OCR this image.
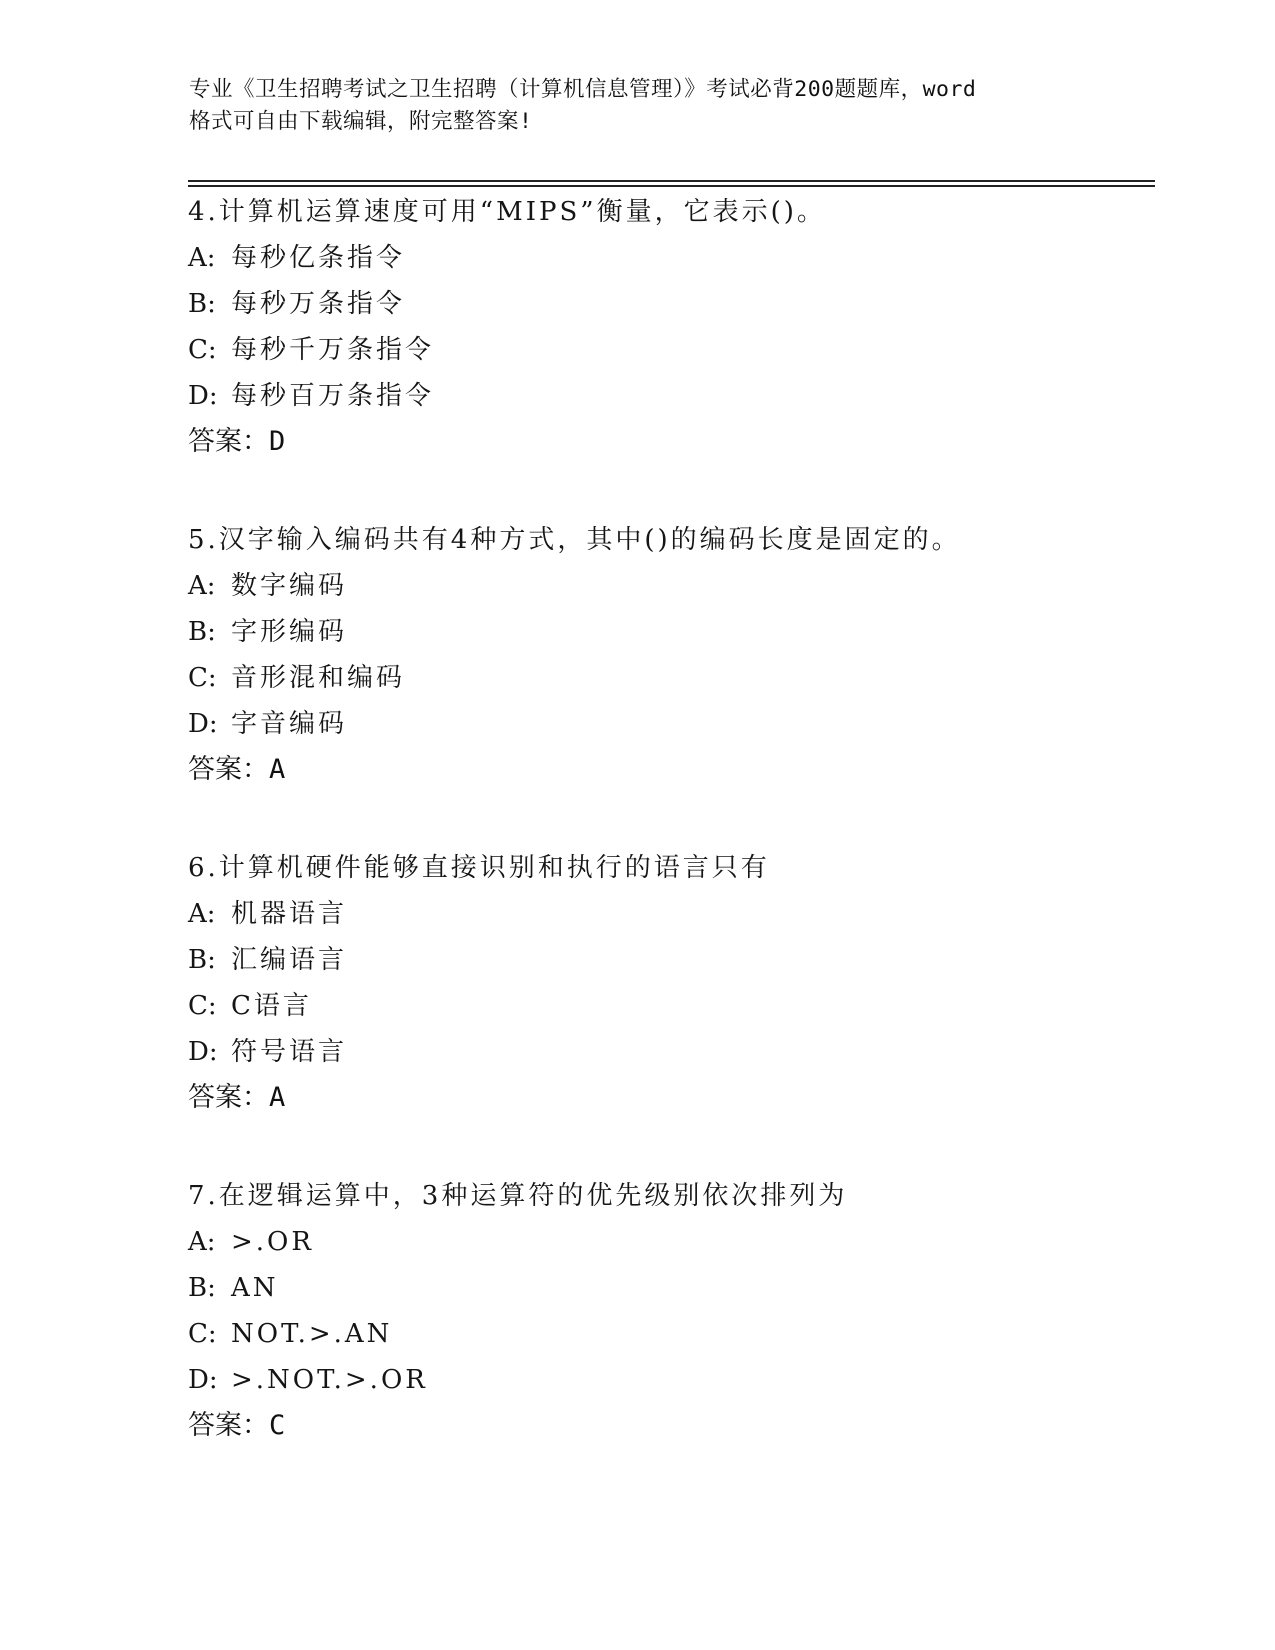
专业《卫生招聘考试之卫生招聘（计算机信息管理）》考试必背200题题库，word
格式可自由下载编辑，附完整答案!
4.计算机运算速度可用“MIPS”衡量，它表示()。
A: 每秒亿条指令
B: 每秒万条指令
C: 每秒千万条指令
D: 每秒百万条指令
答案：D
5.汉字输入编码共有4种方式，其中()的编码长度是固定的。
A: 数字编码
B: 字形编码
C: 音形混和编码
D: 字音编码
答案：A
6.计算机硬件能够直接识别和执行的语言只有
A: 机器语言
B: 汇编语言
C: C语言
D: 符号语言
答案：A
7.在逻辑运算中，3种运算符的优先级别依次排列为
A: >.OR
B: AN
C: NOT.>.AN
D: >.NOT.>.OR
答案：C
